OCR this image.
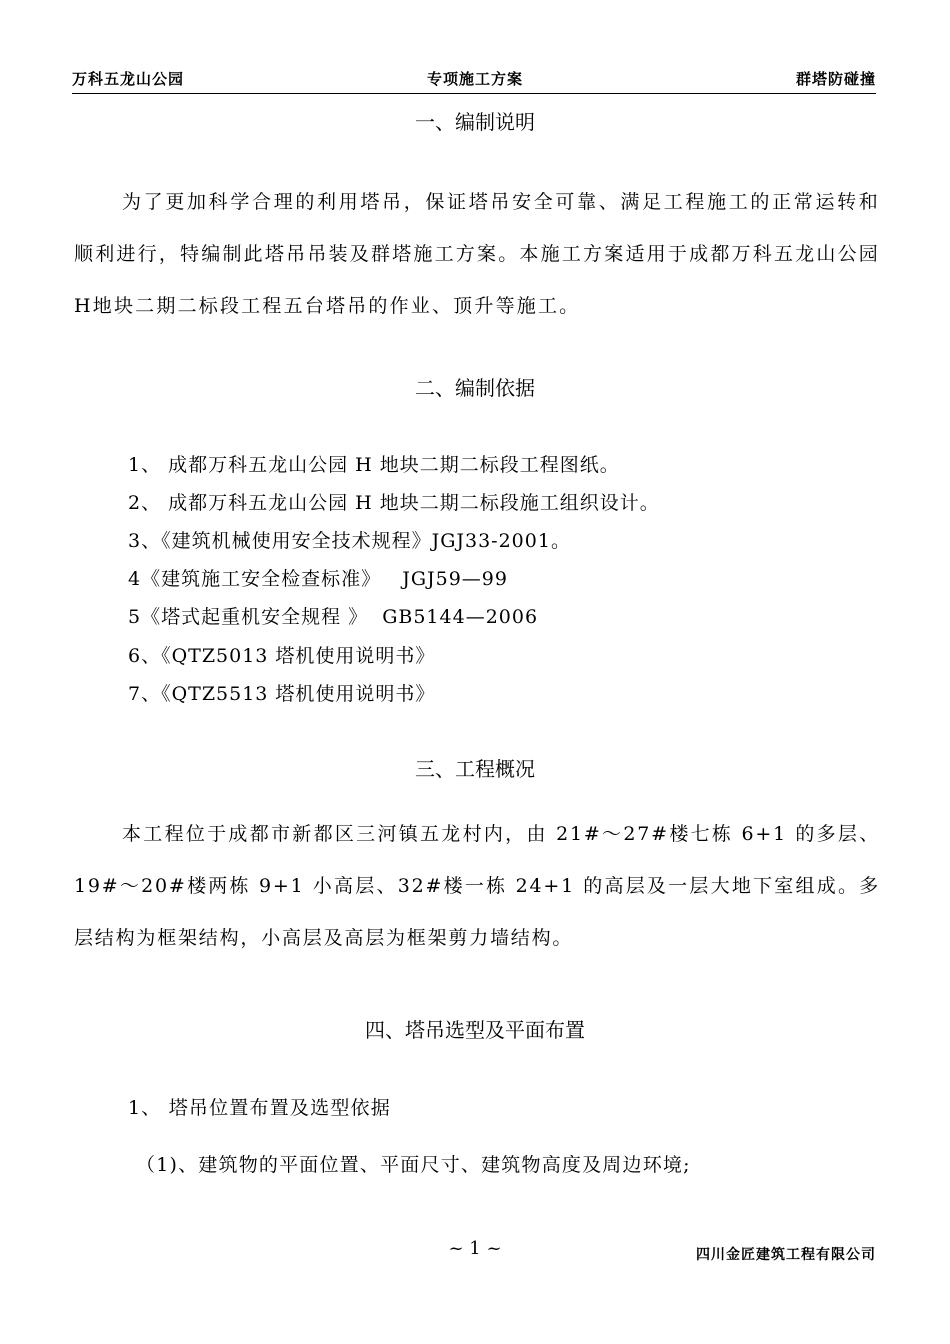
万科五龙山公园	专项施工方案	群塔防碰撞
一、编制说明
为了更加科学合理的利用塔吊，保证塔吊安全可靠、满足工程施工的正常运转和顺利进行，特编制此塔吊吊装及群塔施工方案。本施工方案适用于成都万科五龙山公园H地块二期二标段工程五台塔吊的作业、顶升等施工。
二、编制依据
1、 成都万科五龙山公园 H 地块二期二标段工程图纸。
2、 成都万科五龙山公园 H 地块二期二标段施工组织设计。
3、《建筑机械使用安全技术规程》JGJ33-2001。
4《建筑施工安全检查标准》   JGJ59—99
5《塔式起重机安全规程 》  GB5144—2006
6、《QTZ5013 塔机使用说明书》
7、《QTZ5513 塔机使用说明书》
三、工程概况
本工程位于成都市新都区三河镇五龙村内，由 21#～27#楼七栋 6+1 的多层、19#～20#楼两栋 9+1 小高层、32#楼一栋 24+1 的高层及一层大地下室组成。多层结构为框架结构，小高层及高层为框架剪力墙结构。
四、塔吊选型及平面布置
1、 塔吊位置布置及选型依据
（1)、建筑物的平面位置、平面尺寸、建筑物高度及周边环境;
~ 1 ~	四川金匠建筑工程有限公司
